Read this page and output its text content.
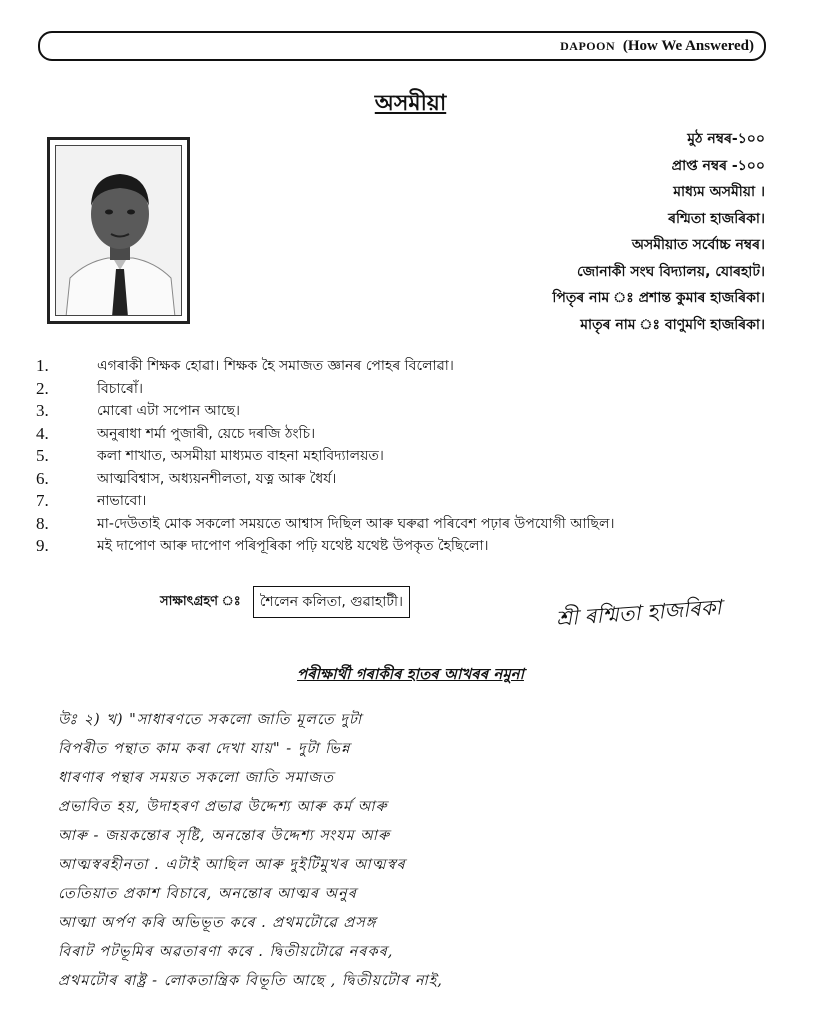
DAPOON (How We Answered)
অসমীয়া
মুঠ নম্বৰ-১০০
প্ৰাপ্ত নম্বৰ -১০০
মাধ্যম অসমীয়া ।
ৰশ্মিতা হাজৰিকা।
অসমীয়াত সৰ্বোচ্চ নম্বৰ।
জোনাকী সংঘ বিদ্যালয়, যোৰহাট।
পিতৃৰ নাম ঃ প্ৰশান্ত কুমাৰ হাজৰিকা।
মাতৃৰ নাম ঃ বাণুমণি হাজৰিকা।
1.	এগৰাকী শিক্ষক হোৱা। শিক্ষক হৈ সমাজত জ্ঞানৰ পোহৰ বিলোৱা।
2.	বিচাৰোঁ।
3.	মোৰো এটা সপোন আছে।
4.	অনুৰাধা শৰ্মা পুজাৰী, য়েচে দৰজি ঠংচি।
5.	কলা শাখাত, অসমীয়া মাধ্যমত বাহনা মহাবিদ্যালয়ত।
6.	আত্মবিশ্বাস, অধ্যয়নশীলতা, যত্ন আৰু ধৈৰ্য।
7.	নাভাবো।
8.	মা-দেউতাই মোক সকলো সময়তে আশ্বাস দিছিল আৰু ঘৰুৱা পৰিবেশ পঢ়াৰ উপযোগী আছিল।
9.	মই দাপোণ আৰু দাপোণ পৰিপূৰিকা পঢ়ি যথেষ্ট যথেষ্ট উপকৃত হৈছিলো।
সাক্ষাৎগ্ৰহণ ঃ	শৈলেন কলিতা, গুৱাহাটী।	শ্ৰী ৰশ্মিতা হাজৰিকা
পৰীক্ষাৰ্থী গৰাকীৰ হাতৰ আখৰৰ নমুনা
উঃ ২) খ) "সাধাৰণতে সকলো জাতি মূলতে দুটা
বিপৰীত পন্থাত কাম কৰা দেখা যায়" - দুটা ভিন্ন
ধাৰণাৰ পন্থাৰ সময়ত সকলো জাতি সমাজত
প্ৰভাবিত হয়, উদাহৰণ প্ৰভাৱ উদ্দেশ্য আৰু কৰ্ম আৰু
আৰু - জয়কন্তোৰ সৃষ্টি, অনন্তোৰ উদ্দেশ্য সংযম আৰু
আত্মস্বৰহীনতা . এটাই আছিল আৰু দুইটিমুখৰ আত্মস্বৰ
তেতিয়াত প্ৰকাশ বিচাৰে, অনন্তোৰ আত্মৰ অনুৰ
আত্মা অৰ্পণ কৰি অভিভূত কৰে . প্ৰথমটোৱে প্ৰসঙ্গ
বিৰাট পটভূমিৰ অৱতাৰণা কৰে . দ্বিতীয়টোৱে নৰকৰ,
প্ৰথমটোৰ ৰাষ্ট্ৰ - লোকতান্ত্ৰিক বিভূতি আছে , দ্বিতীয়টোৰ নাই,
